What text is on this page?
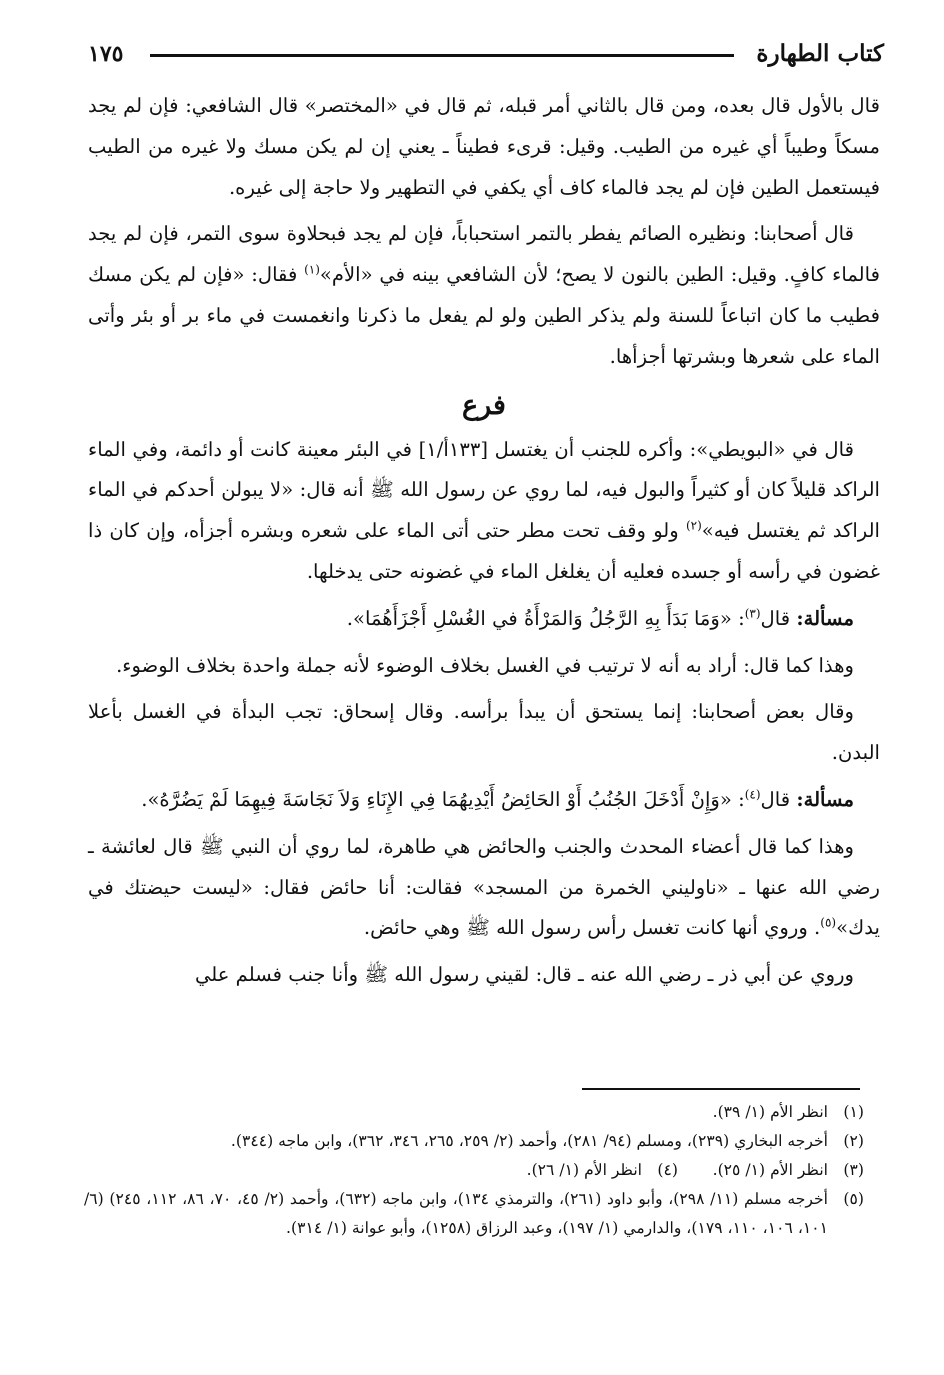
كتاب الطهارة
١٧٥

قال بالأول قال بعده، ومن قال بالثاني أمر قبله، ثم قال في «المختصر» قال الشافعي: فإن لم يجد مسكاً وطيباً أي غيره من الطيب. وقيل: قرىء فطيناً ـ يعني إن لم يكن مسك ولا غيره من الطيب فيستعمل الطين فإن لم يجد فالماء كاف أي يكفي في التطهير ولا حاجة إلى غيره.

قال أصحابنا: ونظيره الصائم يفطر بالتمر استحباباً، فإن لم يجد فبحلاوة سوى التمر، فإن لم يجد فالماء كافٍ. وقيل: الطين بالنون لا يصح؛ لأن الشافعي بينه في «الأم»$^{(١)}$ فقال: «فإن لم يكن مسك فطيب ما كان اتباعاً للسنة ولم يذكر الطين ولو لم يفعل ما ذكرنا وانغمست في ماء بر أو بئر وأتى الماء على شعرها وبشرتها أجزأها.

فرع

قال في «البويطي»: وأكره للجنب أن يغتسل [١٣٣أ/١] في البئر معينة كانت أو دائمة، وفي الماء الراكد قليلاً كان أو كثيراً والبول فيه، لما روي عن رسول الله ﷺ أنه قال: «لا يبولن أحدكم في الماء الراكد ثم يغتسل فيه»$^{(٢)}$ ولو وقف تحت مطر حتى أتى الماء على شعره وبشره أجزأه، وإن كان ذا غضون في رأسه أو جسده فعليه أن يغلغل الماء في غضونه حتى يدخلها.

مسألة: قال$^{(٣)}$: «وَمَا بَدَأَ بِهِ الرَّجُلُ وَالمَرْأَةُ في الغُسْلِ أَجْزَأَهُمَا».

وهذا كما قال: أراد به أنه لا ترتيب في الغسل بخلاف الوضوء لأنه جملة واحدة بخلاف الوضوء.

وقال بعض أصحابنا: إنما يستحق أن يبدأ برأسه. وقال إسحاق: تجب البدأة في الغسل بأعلا البدن.

مسألة: قال$^{(٤)}$: «وَإِنْ أَدْخَلَ الجُنُبُ أَوْ الحَائِضُ أَيْدِيهُمَا فِي الإِنَاءِ وَلاَ نَجَاسَةَ فِيهِمَا لَمْ يَضُرَّهُ».

وهذا كما قال أعضاء المحدث والجنب والحائض هي طاهرة، لما روي أن النبي ﷺ قال لعائشة ـ رضي الله عنها ـ «ناوليني الخمرة من المسجد» فقالت: أنا حائض فقال: «ليست حيضتك في يدك»$^{(٥)}$. وروي أنها كانت تغسل رأس رسول الله ﷺ وهي حائض.

وروي عن أبي ذر ـ رضي الله عنه ـ قال: لقيني رسول الله ﷺ وأنا جنب فسلم علي

(١)
انظر الأم (١/ ٣٩).
(٢)
أخرجه البخاري (٢٣٩)، ومسلم (٩٤/ ٢٨١)، وأحمد (٢/ ٢٥٩، ٢٦٥، ٣٤٦، ٣٦٢)، وابن ماجه (٣٤٤).
(٣)
انظر الأم (١/ ٢٥).
(٤)
انظر الأم (١/ ٢٦).
(٥)
أخرجه مسلم (١١/ ٢٩٨)، وأبو داود (٢٦١)، والترمذي ١٣٤)، وابن ماجه (٦٣٢)، وأحمد (٢/ ٤٥، ٧٠، ٨٦، ١١٢، ٢٤٥) (٦/ ١٠١، ١٠٦، ١١٠، ١٧٩)، والدارمي (١/ ١٩٧)، وعبد الرزاق (١٢٥٨)، وأبو عوانة (١/ ٣١٤).
